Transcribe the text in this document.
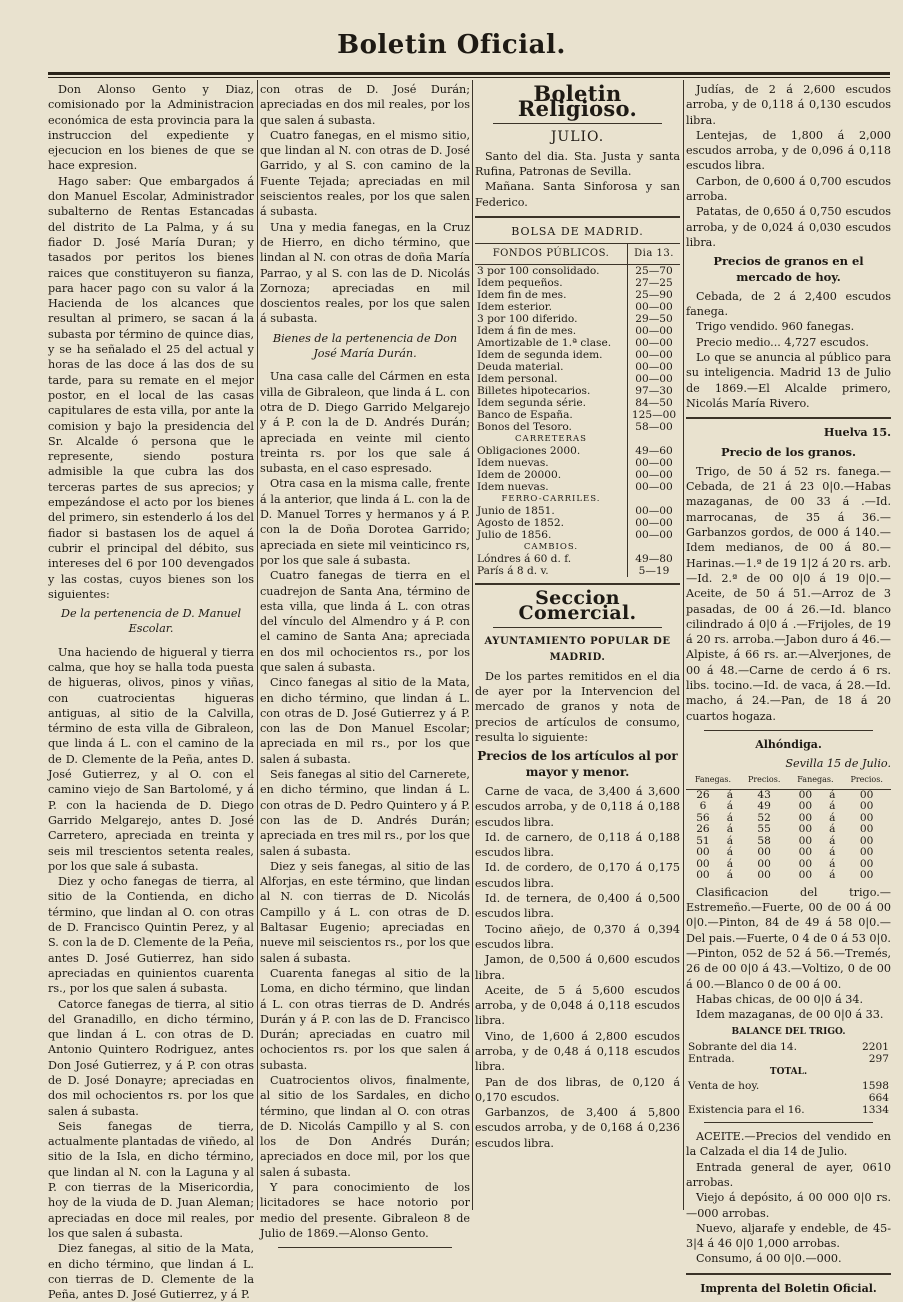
Boletin Oficial.

Don Alonso Gento y Diaz, comisionado por la Administracion económica de esta provincia para la instruccion del expediente y ejecucion en los bienes de que se hace expresion.

Hago saber: Que embargados á don Manuel Escolar, Administrador subalterno de Rentas Estancadas del distrito de La Palma, y á su fiador D. José María Duran; y tasados por peritos los bienes raices que constituyeron su fianza, para hacer pago con su valor á la Hacienda de los alcances que resultan al primero, se sacan á la subasta por término de quince dias, y se ha señalado el 25 del actual y horas de las doce á las dos de su tarde, para su remate en el mejor postor, en el local de las casas capitulares de esta villa, por ante la comision y bajo la presidencia del Sr. Alcalde ó persona que le represente, siendo postura admisible la que cubra las dos terceras partes de sus aprecios; y empezándose el acto por los bienes del primero, sin estenderlo á los del fiador si bastasen los de aquel á cubrir el principal del débito, sus intereses del 6 por 100 devengados y las costas, cuyos bienes son los siguientes:

De la pertenencia de D. Manuel Escolar.

Una haciendo de higueral y tierra calma, que hoy se halla toda puesta de higueras, olivos, pinos y viñas, con cuatrocientas higueras antiguas, al sitio de la Calvilla, término de esta villa de Gibraleon, que linda á L. con el camino de la de D. Clemente de la Peña, antes D. José Gutierrez, y al O. con el camino viejo de San Bartolomé, y á P. con la hacienda de D. Diego Garrido Melgarejo, antes D. José Carretero, apreciada en treinta y seis mil trescientos setenta reales, por los que sale á subasta.

Diez y ocho fanegas de tierra, al sitio de la Contienda, en dicho término, que lindan al O. con otras de D. Francisco Quintin Perez, y al S. con la de D. Clemente de la Peña, antes D. José Gutierrez, han sido apreciadas en quinientos cuarenta rs., por los que salen á subasta.

Catorce fanegas de tierra, al sitio del Granadillo, en dicho término, que lindan á L. con otras de D. Antonio Quintero Rodriguez, antes Don José Gutierrez, y á P. con otras de D. José Donayre; apreciadas en dos mil ochocientos rs. por los que salen á subasta.

Seis fanegas de tierra, actualmente plantadas de viñedo, al sitio de la Isla, en dicho término, que lindan al N. con la Laguna y al P. con tierras de la Misericordia, hoy de la viuda de D. Juan Aleman; apreciadas en doce mil reales, por los que salen á subasta.

Diez fanegas, al sitio de la Mata, en dicho término, que lindan á L. con tierras de D. Clemente de la Peña, antes D. José Gutierrez, y á P.

con otras de D. José Durán; apreciadas en dos mil reales, por los que salen á subasta.

Cuatro fanegas, en el mismo sitio, que lindan al N. con otras de D. José Garrido, y al S. con camino de la Fuente Tejada; apreciadas en mil seiscientos reales, por los que salen á subasta.

Una y media fanegas, en la Cruz de Hierro, en dicho término, que lindan al N. con otras de doña María Parrao, y al S. con las de D. Nicolás Zornoza; apreciadas en mil doscientos reales, por los que salen á subasta.

Bienes de la pertenencia de Don José María Durán.

Una casa calle del Cármen en esta villa de Gibraleon, que linda á L. con otra de D. Diego Garrido Melgarejo y á P. con la de D. Andrés Durán; apreciada en veinte mil ciento treinta rs. por los que sale á subasta, en el caso espresado.

Otra casa en la misma calle, frente á la anterior, que linda á L. con la de D. Manuel Torres y hermanos y á P. con la de Doña Dorotea Garrido; apreciada en siete mil veinticinco rs, por los que sale á subasta.

Cuatro fanegas de tierra en el cuadrejon de Santa Ana, término de esta villa, que linda á L. con otras del vínculo del Almendro y á P. con el camino de Santa Ana; apreciada en dos mil ochocientos rs., por los que salen á subasta.

Cinco fanegas al sitio de la Mata, en dicho término, que lindan á L. con otras de D. José Gutierrez y á P. con las de Don Manuel Escolar; apreciada en mil rs., por los que salen á subasta.

Seis fanegas al sitio del Carnerete, en dicho término, que lindan á L. con otras de D. Pedro Quintero y á P. con las de D. Andrés Durán; apreciada en tres mil rs., por los que salen á subasta.

Diez y seis fanegas, al sitio de las Alforjas, en este término, que lindan al N. con tierras de D. Nicolás Campillo y á L. con otras de D. Baltasar Eugenio; apreciadas en nueve mil seiscientos rs., por los que salen á subasta.

Cuarenta fanegas al sitio de la Loma, en dicho término, que lindan á L. con otras tierras de D. Andrés Durán y á P. con las de D. Francisco Durán; apreciadas en cuatro mil ochocientos rs. por los que salen á subasta.

Cuatrocientos olivos, finalmente, al sitio de los Sardales, en dicho término, que lindan al O. con otras de D. Nicolás Campillo y al S. con los de Don Andrés Durán; apreciados en doce mil, por los que salen á subasta.

Y para conocimiento de los licitadores se hace notorio por medio del presente. Gibraleon 8 de Julio de 1869.—Alonso Gento.

Boletin Religioso.
JULIO.

Santo del dia. Sta. Justa y santa Rufina, Patronas de Sevilla.

Mañana. Santa Sinforosa y san Federico.

BOLSA DE MADRID.
FONDOS PÚBLICOS.	Dia 13.
3 por 100 consolidado.	25—70
Idem pequeños.	27—25
Idem fin de mes.	25—90
Idem esterior.	00—00
3 por 100 diferido.	29—50
Idem á fin de mes.	00—00
Amortizable de 1.ª clase.	00—00
Idem de segunda idem.	00—00
Deuda material.	00—00
Idem personal.	00—00
Billetes hipotecarios.	97—30
Idem segunda série.	84—50
Banco de España.	125—00
Bonos del Tesoro.	58—00
CARRETERAS	
Obligaciones 2000.	49—60
Idem nuevas.	00—00
Idem de 20000.	00—00
Idem nuevas.	00—00
FERRO-CARRILES.	
Junio de 1851.	00—00
Agosto de 1852.	00—00
Julio de 1856.	00—00
CAMBIOS.	
Lóndres á 60 d. f.	49—80
París á 8 d. v.	5—19
Seccion Comercial.
AYUNTAMIENTO POPULAR DE MADRID.

De los partes remitidos en el dia de ayer por la Intervencion del mercado de granos y nota de precios de artículos de consumo, resulta lo siguiente:

Precios de los artículos al por mayor y menor.

Carne de vaca, de 3,400 á 3,600 escudos arroba, y de 0,118 á 0,188 escudos libra.

Id. de carnero, de 0,118 á 0,188 escudos libra.

Id. de cordero, de 0,170 á 0,175 escudos libra.

Id. de ternera, de 0,400 á 0,500 escudos libra.

Tocino añejo, de 0,370 á 0,394 escudos libra.

Jamon, de 0,500 á 0,600 escudos libra.

Aceite, de 5 á 5,600 escudos arroba, y de 0,048 á 0,118 escudos libra.

Vino, de 1,600 á 2,800 escudos arroba, y de 0,48 á 0,118 escudos libra.

Pan de dos libras, de 0,120 á 0,170 escudos.

Garbanzos, de 3,400 á 5,800 escudos arroba, y de 0,168 á 0,236 escudos libra.

Judías, de 2 á 2,600 escudos arroba, y de 0,118 á 0,130 escudos libra.

Lentejas, de 1,800 á 2,000 escudos arroba, y de 0,096 á 0,118 escudos libra.

Carbon, de 0,600 á 0,700 escudos arroba.

Patatas, de 0,650 á 0,750 escudos arroba, y de 0,024 á 0,030 escudos libra.

Precios de granos en el mercado de hoy.

Cebada, de 2 á 2,400 escudos fanega.

Trigo vendido. 960 fanegas.

Precio medio... 4,727 escudos.

Lo que se anuncia al público para su inteligencia. Madrid 13 de Julio de 1869.—El Alcalde primero, Nicolás María Rivero.

Huelva 15.
Precio de los granos.

Trigo, de 50 á 52 rs. fanega.—Cebada, de 21 á 23 0|0.—Habas mazaganas, de 00 33 á .—Id. marrocanas, de 35 á 36.—Garbanzos gordos, de 000 á 140.—Idem medianos, de 00 á 80.—Harinas.—1.ª de 19 1|2 á 20 rs. arb.—Id. 2.ª de 00 0|0 á 19 0|0.—Aceite, de 50 á 51.—Arroz de 3 pasadas, de 00 á 26.—Id. blanco cilindrado á 0|0 á .—Frijoles, de 19 á 20 rs. arroba.—Jabon duro á 46.—Alpiste, á 66 rs. ar.—Alverjones, de 00 á 48.—Carne de cerdo á 6 rs. libs. tocino.—Id. de vaca, á 28.—Id. macho, á 24.—Pan, de 18 á 20 cuartos hogaza.

Alhóndiga.
Sevilla 15 de Julio.
Fanegas.		Precios.	Fanegas.		Precios.
26	á	43	00	á	00
6	á	49	00	á	00
56	á	52	00	á	00
26	á	55	00	á	00
51	á	58	00	á	00
00	á	00	00	á	00
00	á	00	00	á	00
00	á	00	00	á	00

Clasificacion del trigo.—Estremeño.—Fuerte, 00 de 00 á 00 0|0.—Pinton, 84 de 49 á 58 0|0.—Del pais.—Fuerte, 0 4 de 0 á 53 0|0.—Pinton, 052 de 52 á 56.—Tremés, 26 de 00 0|0 á 43.—Voltizo, 0 de 00 á 00.—Blanco 0 de 00 á 00.

Habas chicas, de 00 0|0 á 34.

Idem mazaganas, de 00 0|0 á 33.

BALANCE DEL TRIGO.
Sobrante del dia 14.	2201
Entrada.	297
TOTAL.
Venta de hoy.	1598
	664
Existencia para el 16.	1334

ACEITE.—Precios del vendido en la Calzada el dia 14 de Julio.

Entrada general de ayer, 0610 arrobas.

Viejo á depósito, á 00 000 0|0 rs.—000 arrobas.

Nuevo, aljarafe y endeble, de 45-3|4 á 46 0|0 1,000 arrobas.

Consumo, á 00 0|0.—000.

Imprenta del Boletin Oficial.
